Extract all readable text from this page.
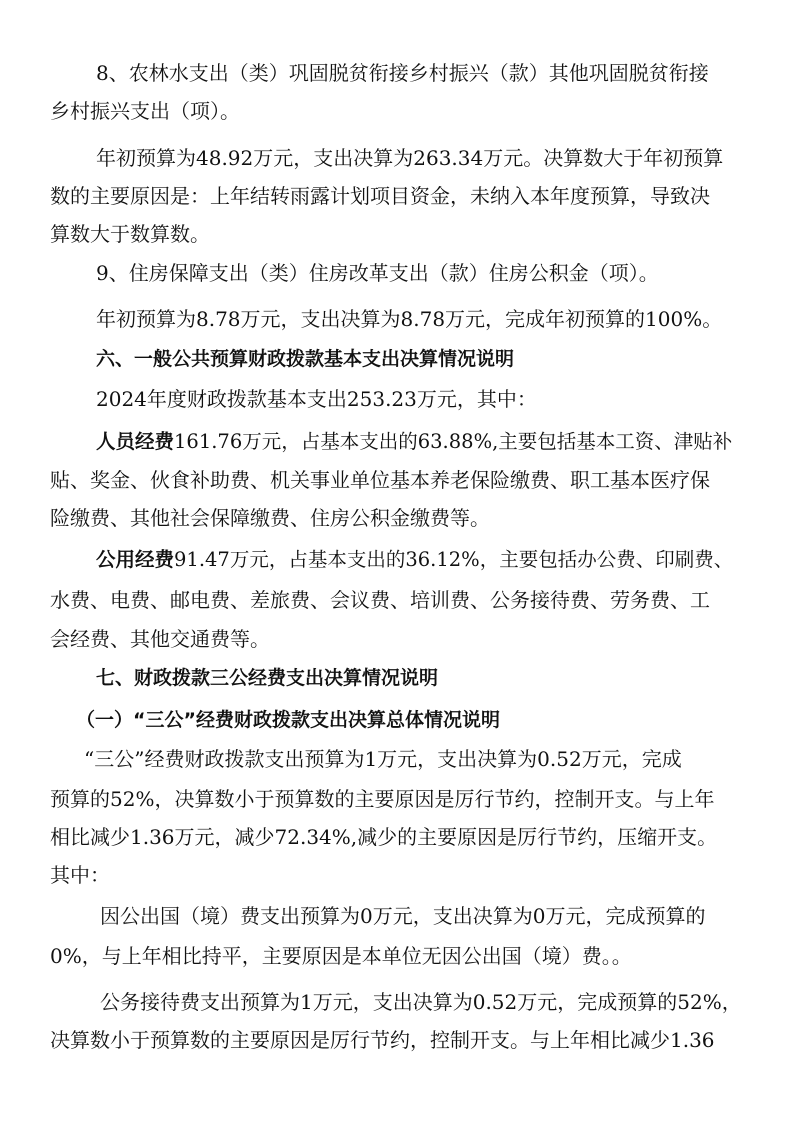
8、农林水支出（类）巩固脱贫衔接乡村振兴（款）其他巩固脱贫衔接
乡村振兴支出（项）。
年初预算为48.92万元，支出决算为263.34万元。决算数大于年初预算
数的主要原因是：上年结转雨露计划项目资金，未纳入本年度预算，导致决
算数大于数算数。
9、住房保障支出（类）住房改革支出（款）住房公积金（项）。
年初预算为8.78万元，支出决算为8.78万元，完成年初预算的100%。
六、一般公共预算财政拨款基本支出决算情况说明
2024年度财政拨款基本支出253.23万元，其中：
人员经费161.76万元，占基本支出的63.88%,主要包括基本工资、津贴补
贴、奖金、伙食补助费、机关事业单位基本养老保险缴费、职工基本医疗保
险缴费、其他社会保障缴费、住房公积金缴费等。
公用经费91.47万元，占基本支出的36.12%，主要包括办公费、印刷费、
水费、电费、邮电费、差旅费、会议费、培训费、公务接待费、劳务费、工
会经费、其他交通费等。
七、财政拨款三公经费支出决算情况说明
（一）“三公”经费财政拨款支出决算总体情况说明
“三公”经费财政拨款支出预算为1万元，支出决算为0.52万元，完成
预算的52%，决算数小于预算数的主要原因是厉行节约，控制开支。与上年
相比减少1.36万元，减少72.34%,减少的主要原因是厉行节约，压缩开支。
其中：
因公出国（境）费支出预算为0万元，支出决算为0万元，完成预算的
0%，与上年相比持平，主要原因是本单位无因公出国（境）费。。
公务接待费支出预算为1万元，支出决算为0.52万元，完成预算的52%，
决算数小于预算数的主要原因是厉行节约，控制开支。与上年相比减少1.36
